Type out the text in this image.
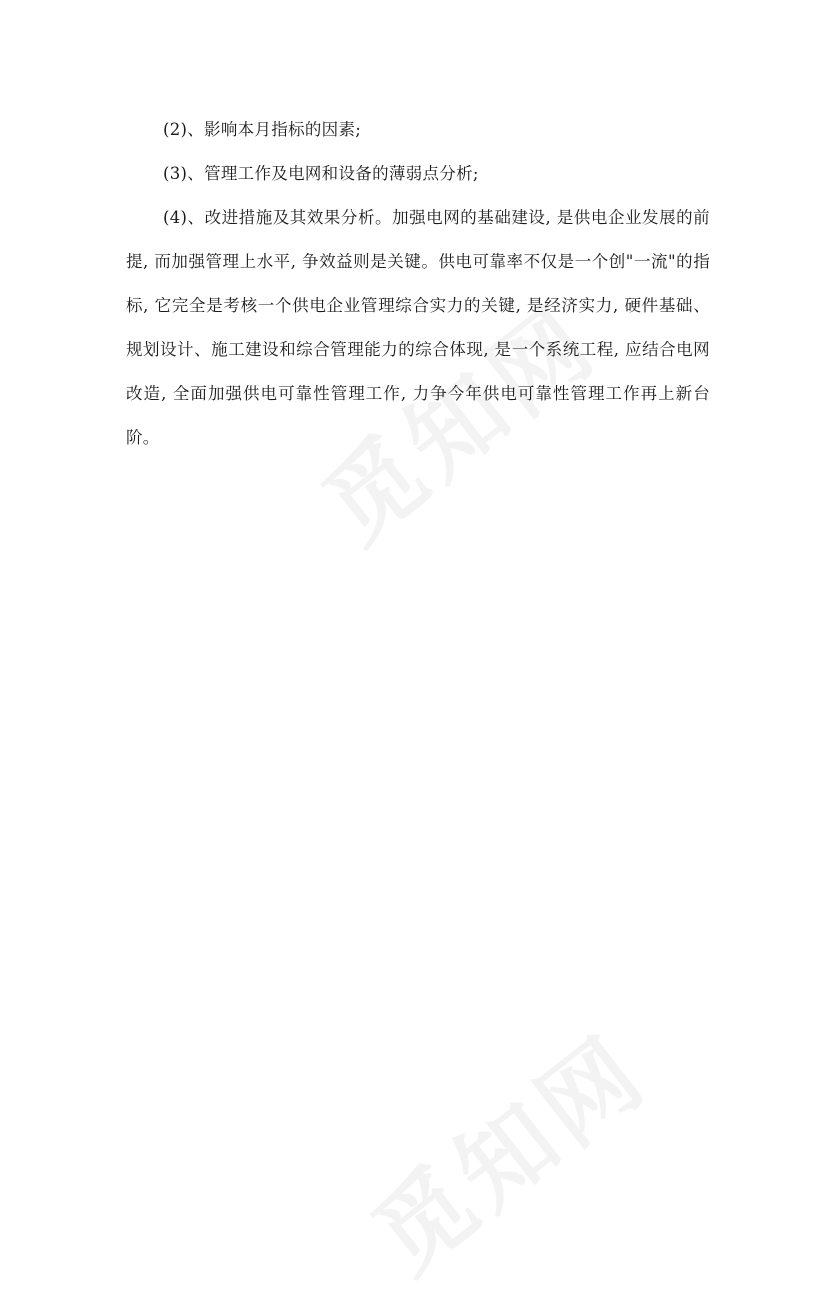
(2)、影响本月指标的因素;

(3)、管理工作及电网和设备的薄弱点分析;

(4)、改进措施及其效果分析。加强电网的基础建设, 是供电企业发展的前提, 而加强管理上水平, 争效益则是关键。供电可靠率不仅是一个创"一流"的指标, 它完全是考核一个供电企业管理综合实力的关键, 是经济实力, 硬件基础、规划设计、施工建设和综合管理能力的综合体现, 是一个系统工程, 应结合电网改造, 全面加强供电可靠性管理工作, 力争今年供电可靠性管理工作再上新台阶。
